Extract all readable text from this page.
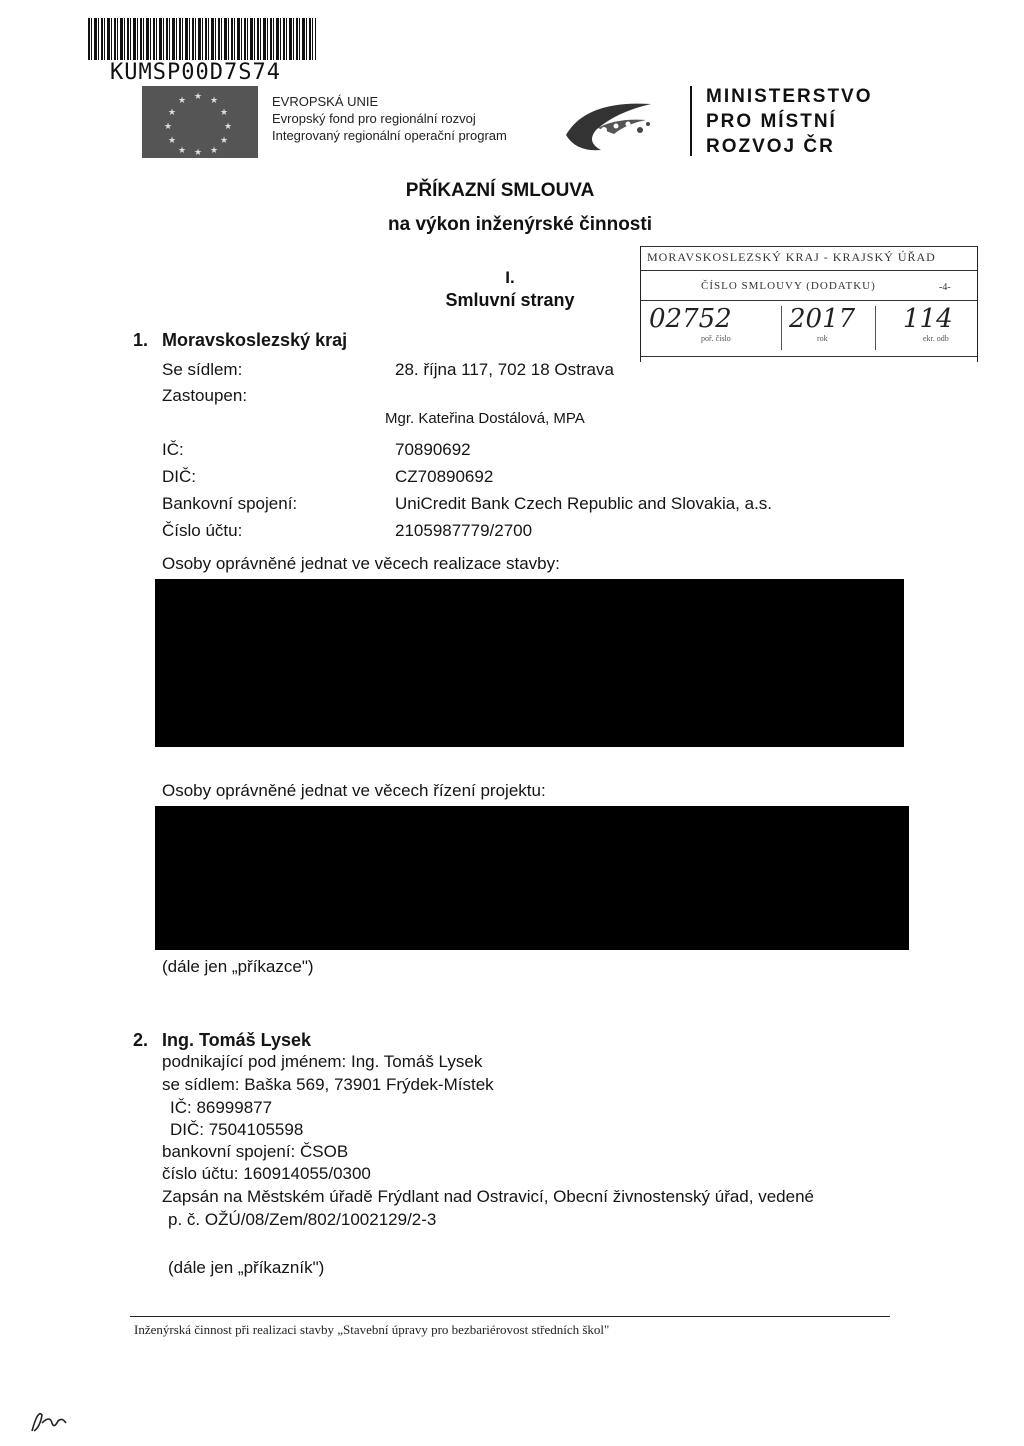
KUMSP00D7S74
★ ★
★
★
★
★
★
★
★
★
★
★	EVROPSKÁ UNIE
Evropský fond pro regionální rozvoj
Integrovaný regionální operační program
MINISTERSTVO
PRO MÍSTNÍ
ROZVOJ ČR
PŘÍKAZNÍ SMLOUVA
na výkon inženýrské činnosti
I.
Smluvní strany
MORAVSKOSLEZSKÝ KRAJ - KRAJSKÝ ÚŘAD
ČÍSLO SMLOUVY (DODATKU)	-4-
02752 2017 114
poř. číslo	rok	ekr. odb
1. Moravskoslezský kraj
Se sídlem:	28. října 117, 702 18 Ostrava
Zastoupen:
Mgr. Kateřina Dostálová, MPA
IČ:	70890692
DIČ:	CZ70890692
Bankovní spojení:	UniCredit Bank Czech Republic and Slovakia, a.s.
Číslo účtu:	2105987779/2700
Osoby oprávněné jednat ve věcech realizace stavby:
Osoby oprávněné jednat ve věcech řízení projektu:
(dále jen „příkazce")
2. Ing. Tomáš Lysek
podnikající pod jménem: Ing. Tomáš Lysek
se sídlem: Baška 569, 73901 Frýdek-Místek
IČ: 86999877
DIČ: 7504105598
bankovní spojení: ČSOB
číslo účtu: 160914055/0300
Zapsán na Městském úřadě Frýdlant nad Ostravicí, Obecní živnostenský úřad, vedené
p. č. OŽÚ/08/Zem/802/1002129/2-3
(dále jen „příkazník")
Inženýrská činnost při realizaci stavby „Stavební úpravy pro bezbariérovost středních škol"
